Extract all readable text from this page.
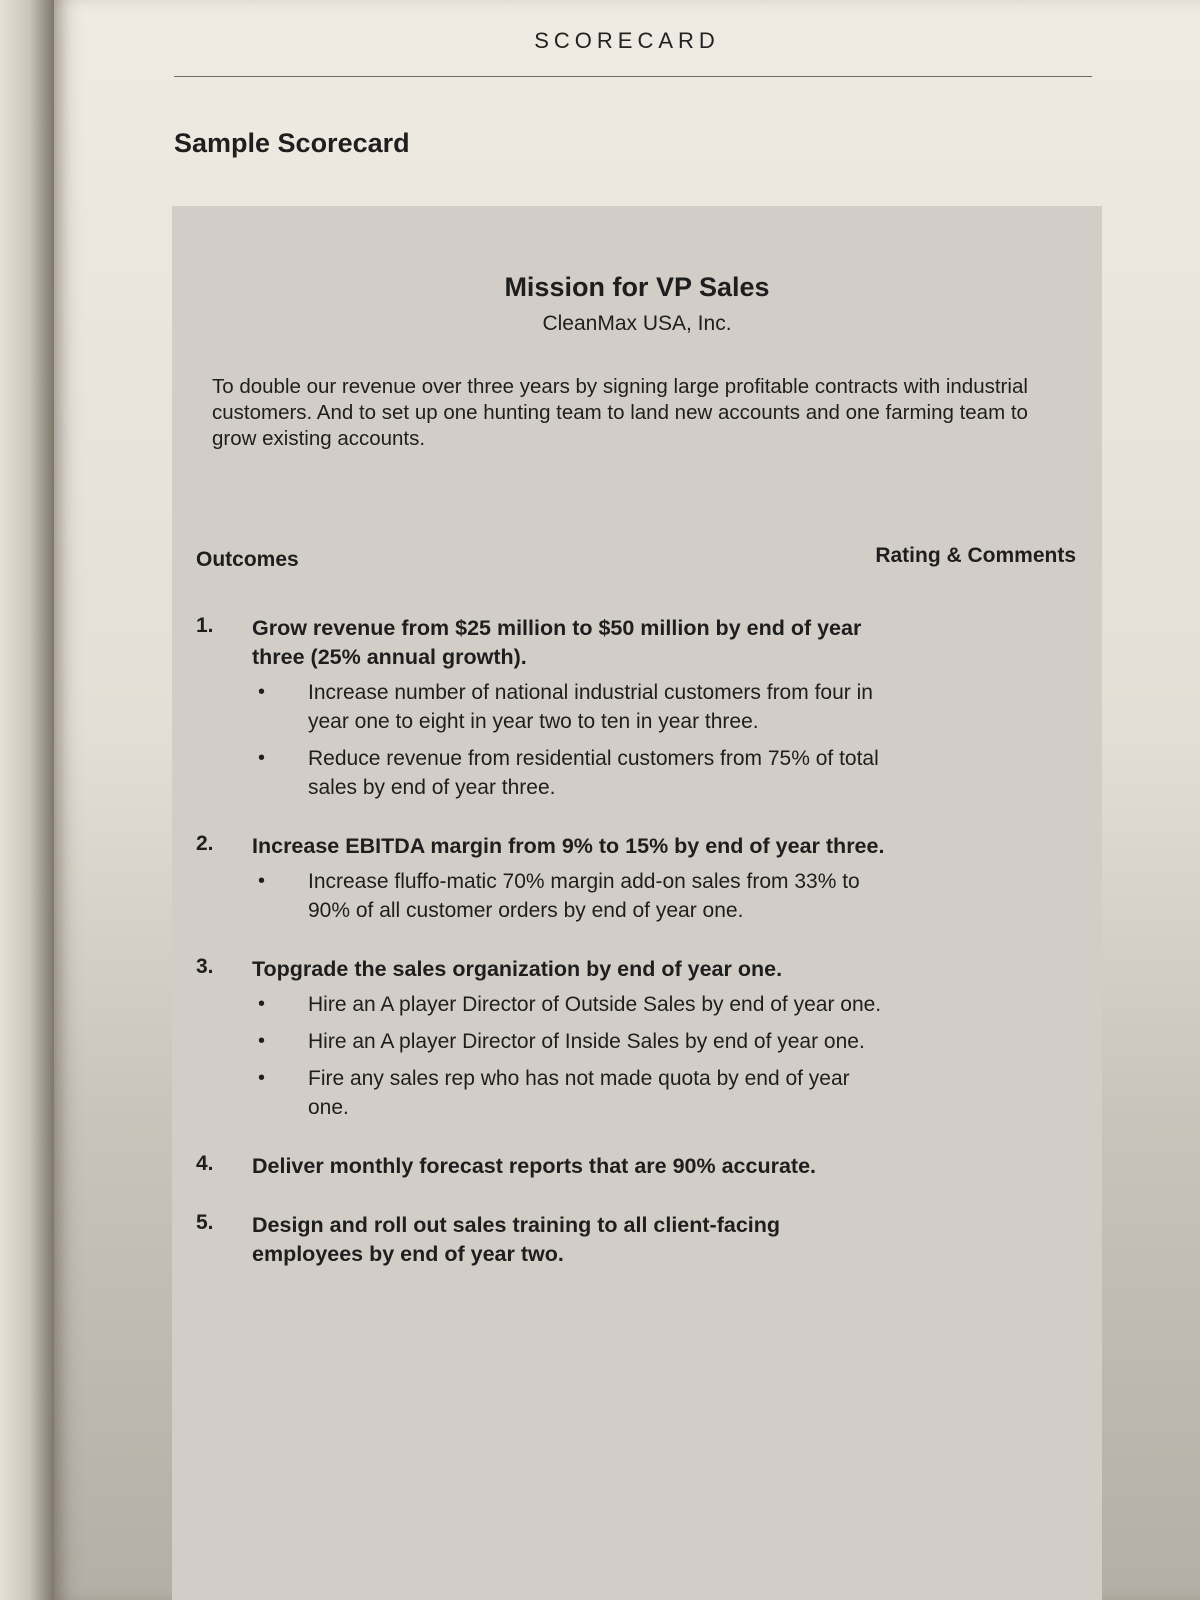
SCORECARD
Sample Scorecard
Mission for VP Sales
CleanMax USA, Inc.
To double our revenue over three years by signing large profitable contracts with industrial customers. And to set up one hunting team to land new accounts and one farming team to grow existing accounts.
Outcomes	Rating & Comments
1. Grow revenue from $25 million to $50 million by end of year three (25% annual growth).
• Increase number of national industrial customers from four in year one to eight in year two to ten in year three.
• Reduce revenue from residential customers from 75% of total sales by end of year three.
2. Increase EBITDA margin from 9% to 15% by end of year three.
• Increase fluffo-matic 70% margin add-on sales from 33% to 90% of all customer orders by end of year one.
3. Topgrade the sales organization by end of year one.
• Hire an A player Director of Outside Sales by end of year one.
• Hire an A player Director of Inside Sales by end of year one.
• Fire any sales rep who has not made quota by end of year one.
4. Deliver monthly forecast reports that are 90% accurate.
5. Design and roll out sales training to all client-facing employees by end of year two.
